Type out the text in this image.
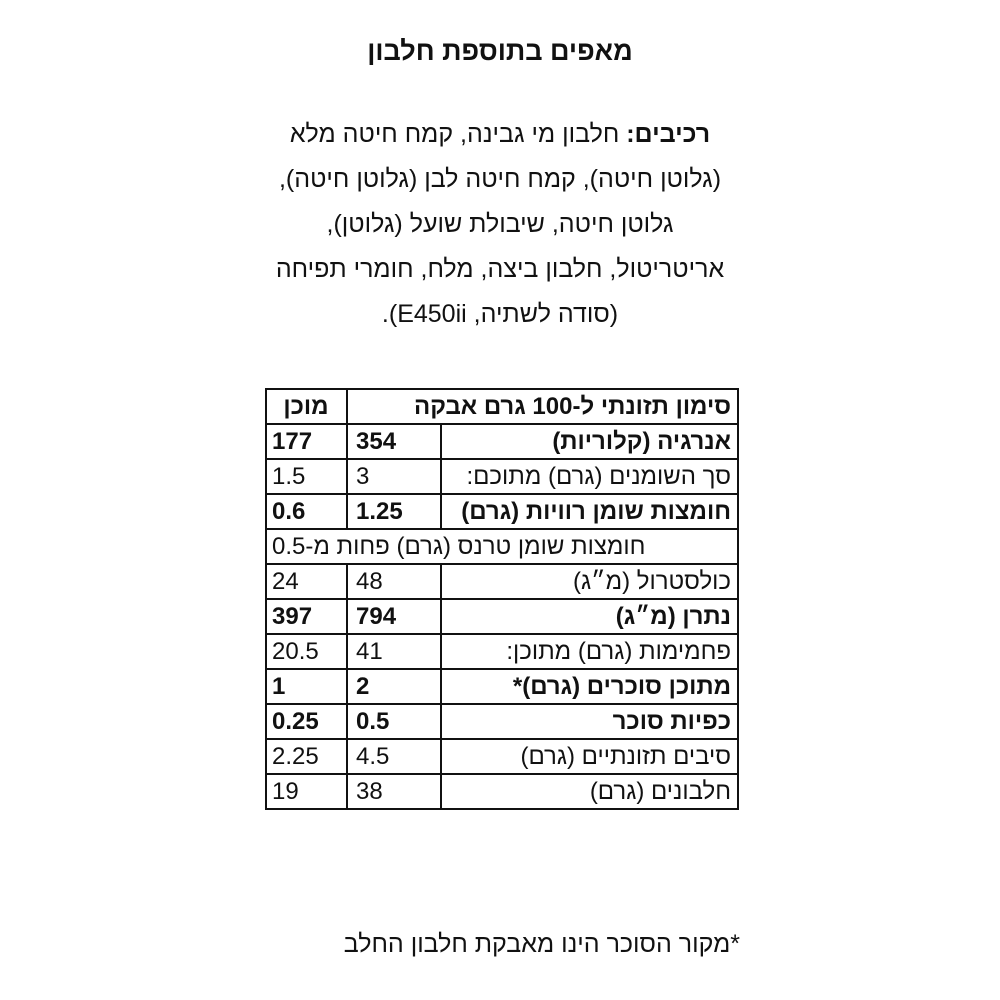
מאפים בתוספת חלבון
רכיבים: חלבון מי גבינה, קמח חיטה מלא (גלוטן חיטה), קמח חיטה לבן (גלוטן חיטה), גלוטן חיטה, שיבולת שועל (גלוטן), אריטריטול, חלבון ביצה, מלח, חומרי תפיחה (סודה לשתיה, E450ii).
סימון תזונתי ל-100 גרם אבקה		מוכן
אנרגיה (קלוריות)	354	177
סך השומנים (גרם) מתוכם:	3	1.5
חומצות שומן רוויות (גרם)	1.25	0.6
חומצות שומן טרנס (גרם) פחות מ-0.5		
כולסטרול (מ״ג)	48	24
נתרן (מ״ג)	794	397
פחמימות (גרם) מתוכן:	41	20.5
מתוכן סוכרים (גרם)*	2	1
כפיות סוכר	0.5	0.25
סיבים תזונתיים (גרם)	4.5	2.25
חלבונים (גרם)	38	19
*מקור הסוכר הינו מאבקת חלבון החלב
